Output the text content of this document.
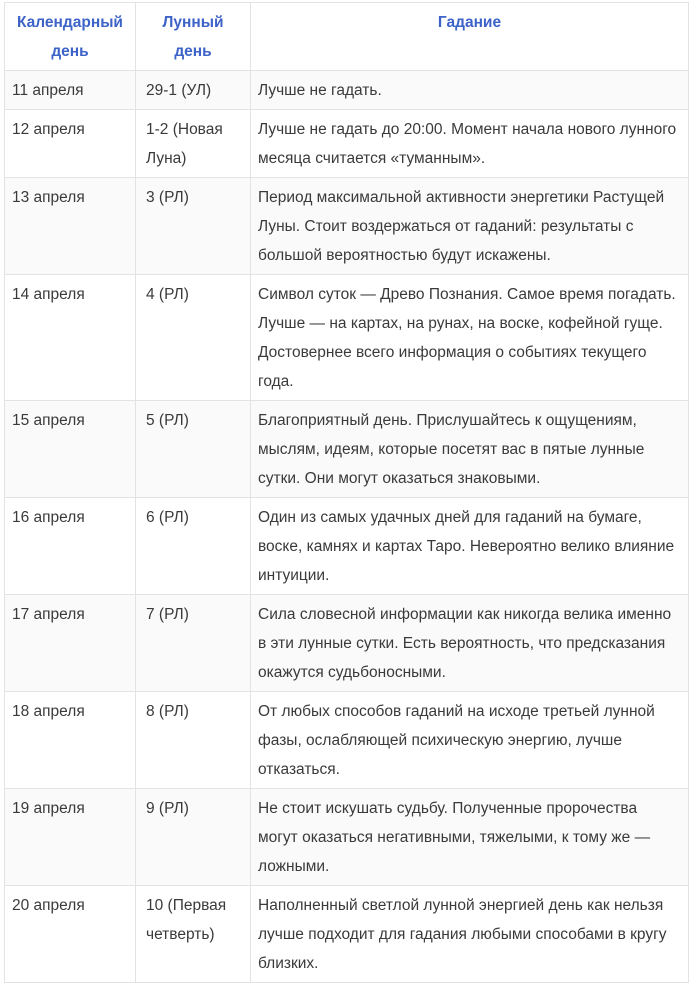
Календарный день	Лунный день	Гадание
11 апреля	29-1 (УЛ)	Лучше не гадать.
12 апреля	1-2 (Новая Луна)	Лучше не гадать до 20:00. Момент начала нового лунного месяца считается «туманным».
13 апреля	3 (РЛ)	Период максимальной активности энергетики Растущей Луны. Стоит воздержаться от гаданий: результаты с большой вероятностью будут искажены.
14 апреля	4 (РЛ)	Символ суток — Древо Познания. Самое время погадать. Лучше — на картах, на рунах, на воске, кофейной гуще. Достовернее всего информация о событиях текущего года.
15 апреля	5 (РЛ)	Благоприятный день. Прислушайтесь к ощущениям, мыслям, идеям, которые посетят вас в пятые лунные сутки. Они могут оказаться знаковыми.
16 апреля	6 (РЛ)	Один из самых удачных дней для гаданий на бумаге, воске, камнях и картах Таро. Невероятно велико влияние интуиции.
17 апреля	7 (РЛ)	Сила словесной информации как никогда велика именно в эти лунные сутки. Есть вероятность, что предсказания окажутся судьбоносными.
18 апреля	8 (РЛ)	От любых способов гаданий на исходе третьей лунной фазы, ослабляющей психическую энергию, лучше отказаться.
19 апреля	9 (РЛ)	Не стоит искушать судьбу. Полученные пророчества могут оказаться негативными, тяжелыми, к тому же — ложными.
20 апреля	10 (Первая четверть)	Наполненный светлой лунной энергией день как нельзя лучше подходит для гадания любыми способами в кругу близких.
